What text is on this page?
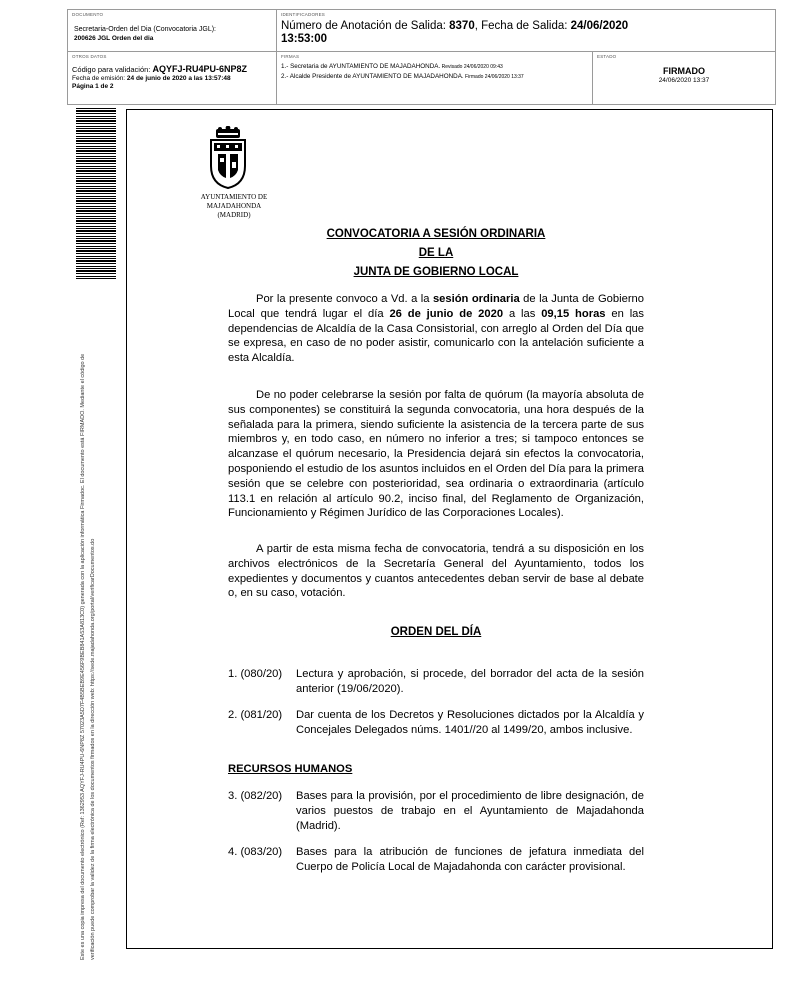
DOCUMENTO
Secretaria-Orden del Dia (Convocatoria JGL):
200626 JGL Orden del dia
IDENTIFICADORES
Número de Anotación de Salida: 8370, Fecha de Salida: 24/06/2020
13:53:00
OTROS DATOS
Código para validación: AQYFJ-RU4PU-6NP8Z
Fecha de emisión: 24 de junio de 2020 a las 13:57:48
Página 1 de 2
FIRMAS
1.- Secretaria de AYUNTAMIENTO DE MAJADAHONDA. Revisado 24/06/2020 09:43
2.- Alcalde Presidente de AYUNTAMIENTO DE MAJADAHONDA. Firmado 24/06/2020 13:37
ESTADO
FIRMADO
24/06/2020 13:37
Este es una copia impresa del documento electrónico (Ref: 1362953 AQYFJ-RU4PU-6NP8Z 57023A5D7F4B5BEB9E456F9BEB841A53A813C0) generada con la aplicación informática Firmadoc. El documento está FIRMADO. Mediante el código de verificación puede comprobar la validez de la firma electrónica de los documentos firmados en la dirección web: https://sede.majadahonda.org/portal/verificarDocumentos.do
AYUNTAMIENTO DE
MAJADAHONDA
(MADRID)
CONVOCATORIA A SESIÓN ORDINARIA
DE LA
JUNTA DE GOBIERNO LOCAL
Por la presente convoco a Vd. a la sesión ordinaria de la Junta de Gobierno Local que tendrá lugar el día 26 de junio de 2020 a las 09,15 horas en las dependencias de Alcaldía de la Casa Consistorial, con arreglo al Orden del Día que se expresa, en caso de no poder asistir, comunicarlo con la antelación suficiente a esta Alcaldía.
De no poder celebrarse la sesión por falta de quórum (la mayoría absoluta de sus componentes) se constituirá la segunda convocatoria, una hora después de la señalada para la primera, siendo suficiente la asistencia de la tercera parte de sus miembros y, en todo caso, en número no inferior a tres; si tampoco entonces se alcanzase el quórum necesario, la Presidencia dejará sin efectos la convocatoria, posponiendo el estudio de los asuntos incluidos en el Orden del Día para la primera sesión que se celebre con posterioridad, sea ordinaria o extraordinaria (artículo 113.1 en relación al artículo 90.2, inciso final, del Reglamento de Organización, Funcionamiento y Régimen Jurídico de las Corporaciones Locales).
A partir de esta misma fecha de convocatoria, tendrá a su disposición en los archivos electrónicos de la Secretaría General del Ayuntamiento, todos los expedientes y documentos y cuantos antecedentes deban servir de base al debate o, en su caso, votación.
ORDEN DEL DÍA
1. (080/20) Lectura y aprobación, si procede, del borrador del acta de la sesión anterior (19/06/2020).
2. (081/20) Dar cuenta de los Decretos y Resoluciones dictados por la Alcaldía y Concejales Delegados núms. 1401//20 al 1499/20, ambos inclusive.
RECURSOS HUMANOS
3. (082/20) Bases para la provisión, por el procedimiento de libre designación, de varios puestos de trabajo en el Ayuntamiento de Majadahonda (Madrid).
4. (083/20) Bases para la atribución de funciones de jefatura inmediata del Cuerpo de Policía Local de Majadahonda con carácter provisional.
